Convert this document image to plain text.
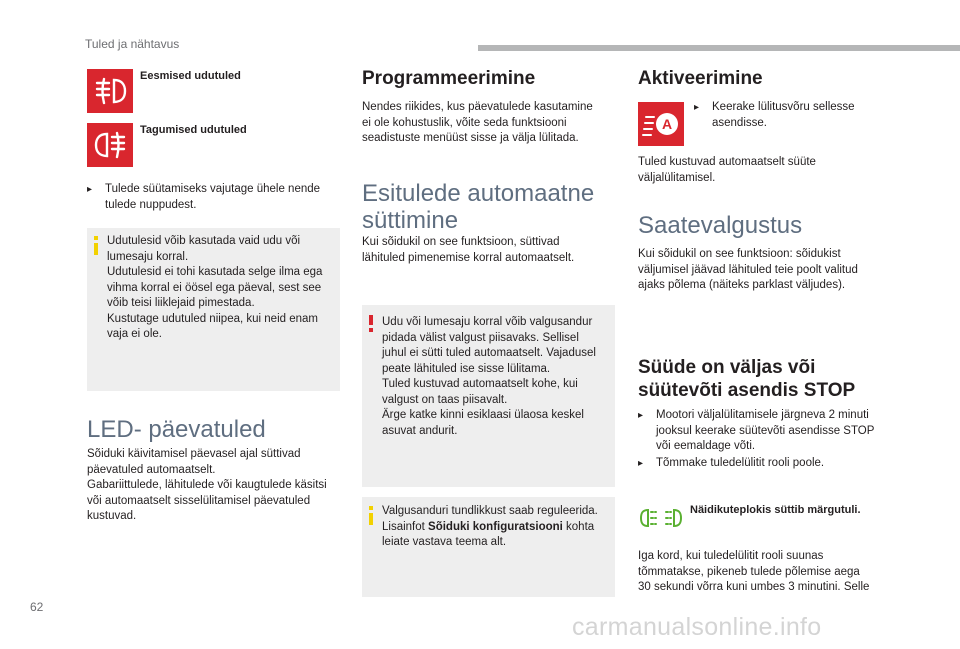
Tuled ja nähtavus
Eesmised udutuled
Tagumised udutuled
▸ Tulede süütamiseks vajutage ühele nende
tulede nuppudest.
Udutulesid võib kasutada vaid udu või
lumesaju korral.
Udutulesid ei tohi kasutada selge ilma ega
vihma korral ei öösel ega päeval, sest see
võib teisi liiklejaid pimestada.
Kustutage udutuled niipea, kui neid enam
vaja ei ole.
LED- päevatuled
Sõiduki käivitamisel päevasel ajal süttivad
päevatuled automaatselt.
Gabariittulede, lähitulede või kaugtulede käsitsi
või automaatselt sisselülitamisel päevatuled
kustuvad.
Programmeerimine
Nendes riikides, kus päevatulede kasutamine
ei ole kohustuslik, võite seda funktsiooni
seadistuste menüüst sisse ja välja lülitada.
Esitulede automaatne
süttimine
Kui sõidukil on see funktsioon, süttivad
lähituled pimenemise korral automaatselt.
Udu või lumesaju korral võib valgusandur
pidada välist valgust piisavaks. Sellisel
juhul ei sütti tuled automaatselt. Vajadusel
peate lähituled ise sisse lülitama.
Tuled kustuvad automaatselt kohe, kui
valgust on taas piisavalt.
Ärge katke kinni esiklaasi ülaosa keskel
asuvat andurit.
Valgusanduri tundlikkust saab reguleerida.
Lisainfot Sõiduki konfiguratsiooni kohta
leiate vastava teema alt.
Aktiveerimine
A
▸ Keerake lülitusvõru sellesse
asendisse.
Tuled kustuvad automaatselt süüte
väljalülitamisel.
Saatevalgustus
Kui sõidukil on see funktsioon: sõidukist
väljumisel jäävad lähituled teie poolt valitud
ajaks põlema (näiteks parklast väljudes).
Süüde on väljas või
süütevõti asendis STOP
▸ Mootori väljalülitamisele järgneva 2 minuti
jooksul keerake süütevõti asendisse STOP
või eemaldage võti.
▸ Tõmmake tuledelülitit rooli poole.
Näidikuteplokis süttib märgutuli.
Iga kord, kui tuledelülitit rooli suunas
tõmmatakse, pikeneb tulede põlemise aega
30 sekundi võrra kuni umbes 3 minutini. Selle
62
carmanualsonline.info
